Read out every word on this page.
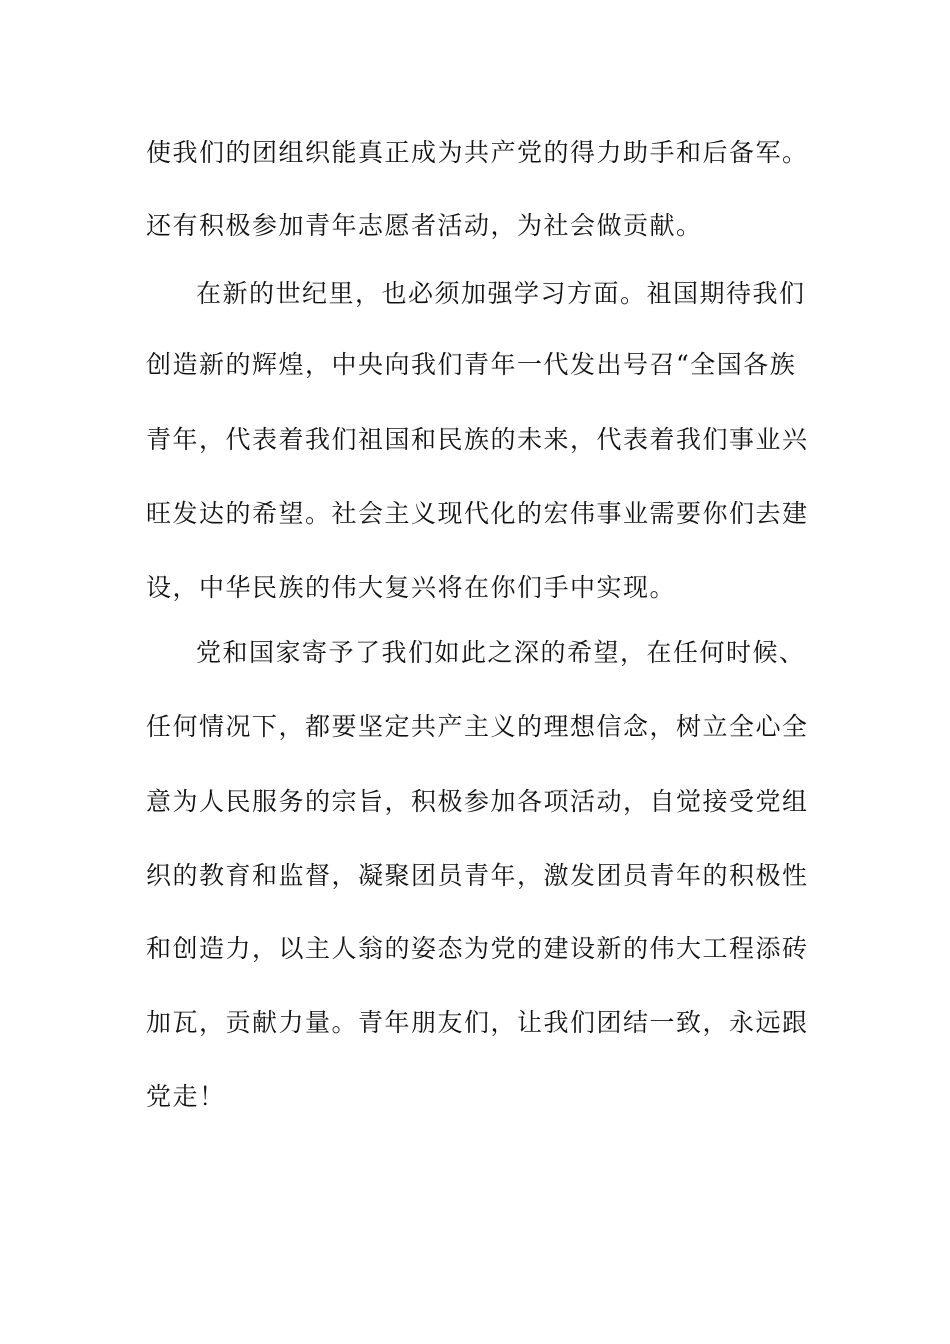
使我们的团组织能真正成为共产党的得力助手和后备军。
还有积极参加青年志愿者活动，为社会做贡献。
在新的世纪里，也必须加强学习方面。祖国期待我们
创造新的辉煌，中央向我们青年一代发出号召“全国各族
青年，代表着我们祖国和民族的未来，代表着我们事业兴
旺发达的希望。社会主义现代化的宏伟事业需要你们去建
设，中华民族的伟大复兴将在你们手中实现。
党和国家寄予了我们如此之深的希望，在任何时候、
任何情况下，都要坚定共产主义的理想信念，树立全心全
意为人民服务的宗旨，积极参加各项活动，自觉接受党组
织的教育和监督，凝聚团员青年，激发团员青年的积极性
和创造力，以主人翁的姿态为党的建设新的伟大工程添砖
加瓦，贡献力量。青年朋友们，让我们团结一致，永远跟
党走！
